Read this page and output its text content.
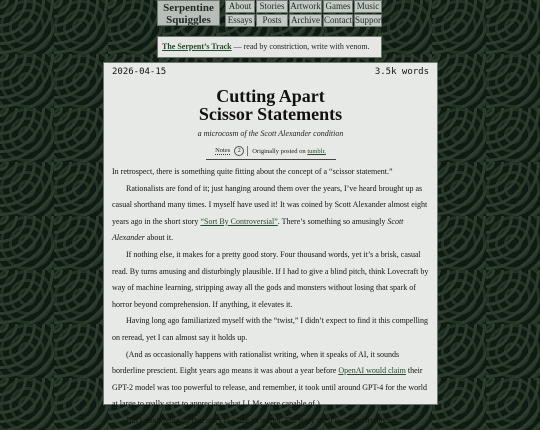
Serpentine
Squiggles
About Stories Artwork Games Music
Essays	Posts	Archive Contact Support
The Serpent’s Track — read by constriction, write with venom.
2026-04-15	3.5k words
Cutting Apart
Scissor Statements
a microcosm of the Scott Alexander condition
Notes	2	Originally posted on
tumblr.

In retrospect, there is something quite fitting about the concept of a “scissor statement.”

Rationalists are fond of it; just hanging around them over the years, I’ve heard brought up as casual shorthand many times. I myself have used it! It was coined by Scott Alexander almost eight years ago in the short story “Sort By Controversial”. There’s something so amusingly Scott Alexander about it.

If nothing else, it makes for a pretty good story. Four thousand words, yet it’s a brisk, casual read. By turns amusing and disturbingly plausible. If I had to give a blind pitch, think Lovecraft by way of machine learning, stripping away all the gods and monsters without losing that spark of horror beyond comprehension. If anything, it elevates it.

Having long ago familiarized myself with the “twist,” I didn’t expect to find it this compelling on reread, yet I can almost say it holds up.

(And as occasionally happens with rationalist writing, when it speaks of AI, it sounds borderline prescient. Eight years ago means it was about a year before OpenAI would claim their GPT-2 model was too powerful to release, and remember, it took until around GPT-4 for the world at large to really start to appreciate what LLMs were capable of.)

But I don’t bring up that story to glaze its author. The story itself is almost irrelevant.
